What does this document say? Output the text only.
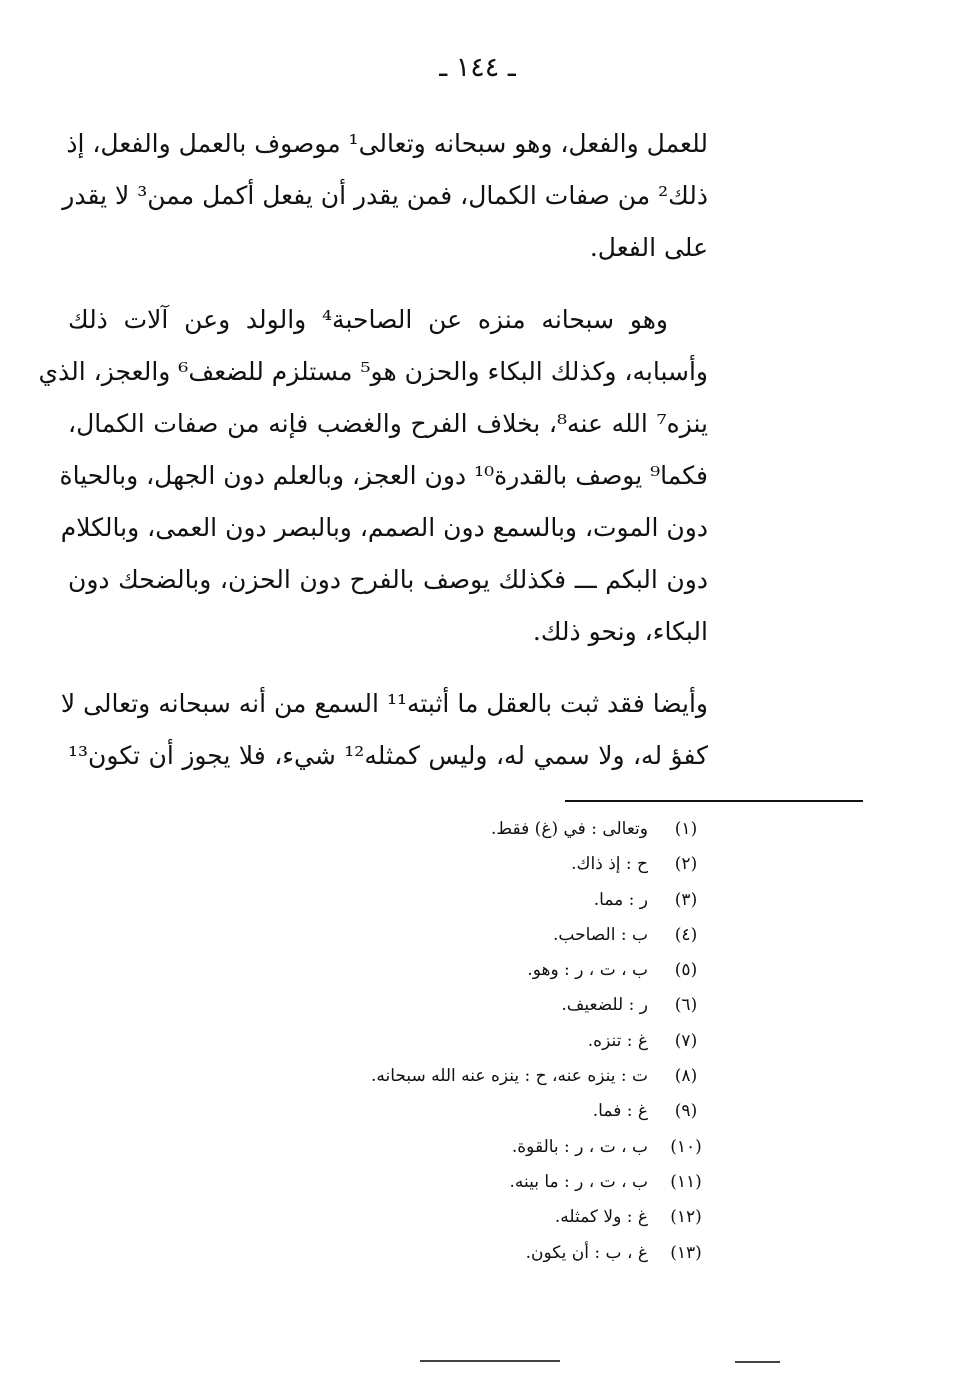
ـ ١٤٤ ـ
للعمل والفعل، وهو سبحانه وتعالى¹ موصوف بالعمل والفعل، إذ
ذلك² من صفات الكمال، فمن يقدر أن يفعل أكمل ممن³ لا يقدر
على الفعل.
وهو سبحانه منزه عن الصاحبة⁴ والولد وعن آلات ذلك
وأسبابه، وكذلك البكاء والحزن هو⁵ مستلزم للضعف⁶ والعجز، الذي
ينزه⁷ الله عنه⁸، بخلاف الفرح والغضب فإنه من صفات الكمال،
فكما⁹ يوصف بالقدرة¹⁰ دون العجز، وبالعلم دون الجهل، وبالحياة
دون الموت، وبالسمع دون الصمم، وبالبصر دون العمى، وبالكلام
دون البكم ـــ فكذلك يوصف بالفرح دون الحزن، وبالضحك دون
البكاء، ونحو ذلك.
وأيضا فقد ثبت بالعقل ما أثبته¹¹ السمع من أنه سبحانه وتعالى لا
كفؤ له، ولا سمي له، وليس كمثله¹² شيء، فلا يجوز أن تكون¹³
(١)
وتعالى : في (غ) فقط.
(٢)
ح : إذ ذاك.
(٣)
ر : مما.
(٤)
ب : الصاحب.
(٥)
ب ، ت ، ر : وهو.
(٦)
ر : للضعيف.
(٧)
غ : تنزه.
(٨)
ت : ينزه عنه، ح : ينزه عنه الله سبحانه.
(٩)
غ : فما.
(١٠)
ب ، ت ، ر : بالقوة.
(١١)
ب ، ت ، ر : ما بينه.
(١٢)
غ : ولا كمثله.
(١٣)
غ ، ب : أن يكون.
